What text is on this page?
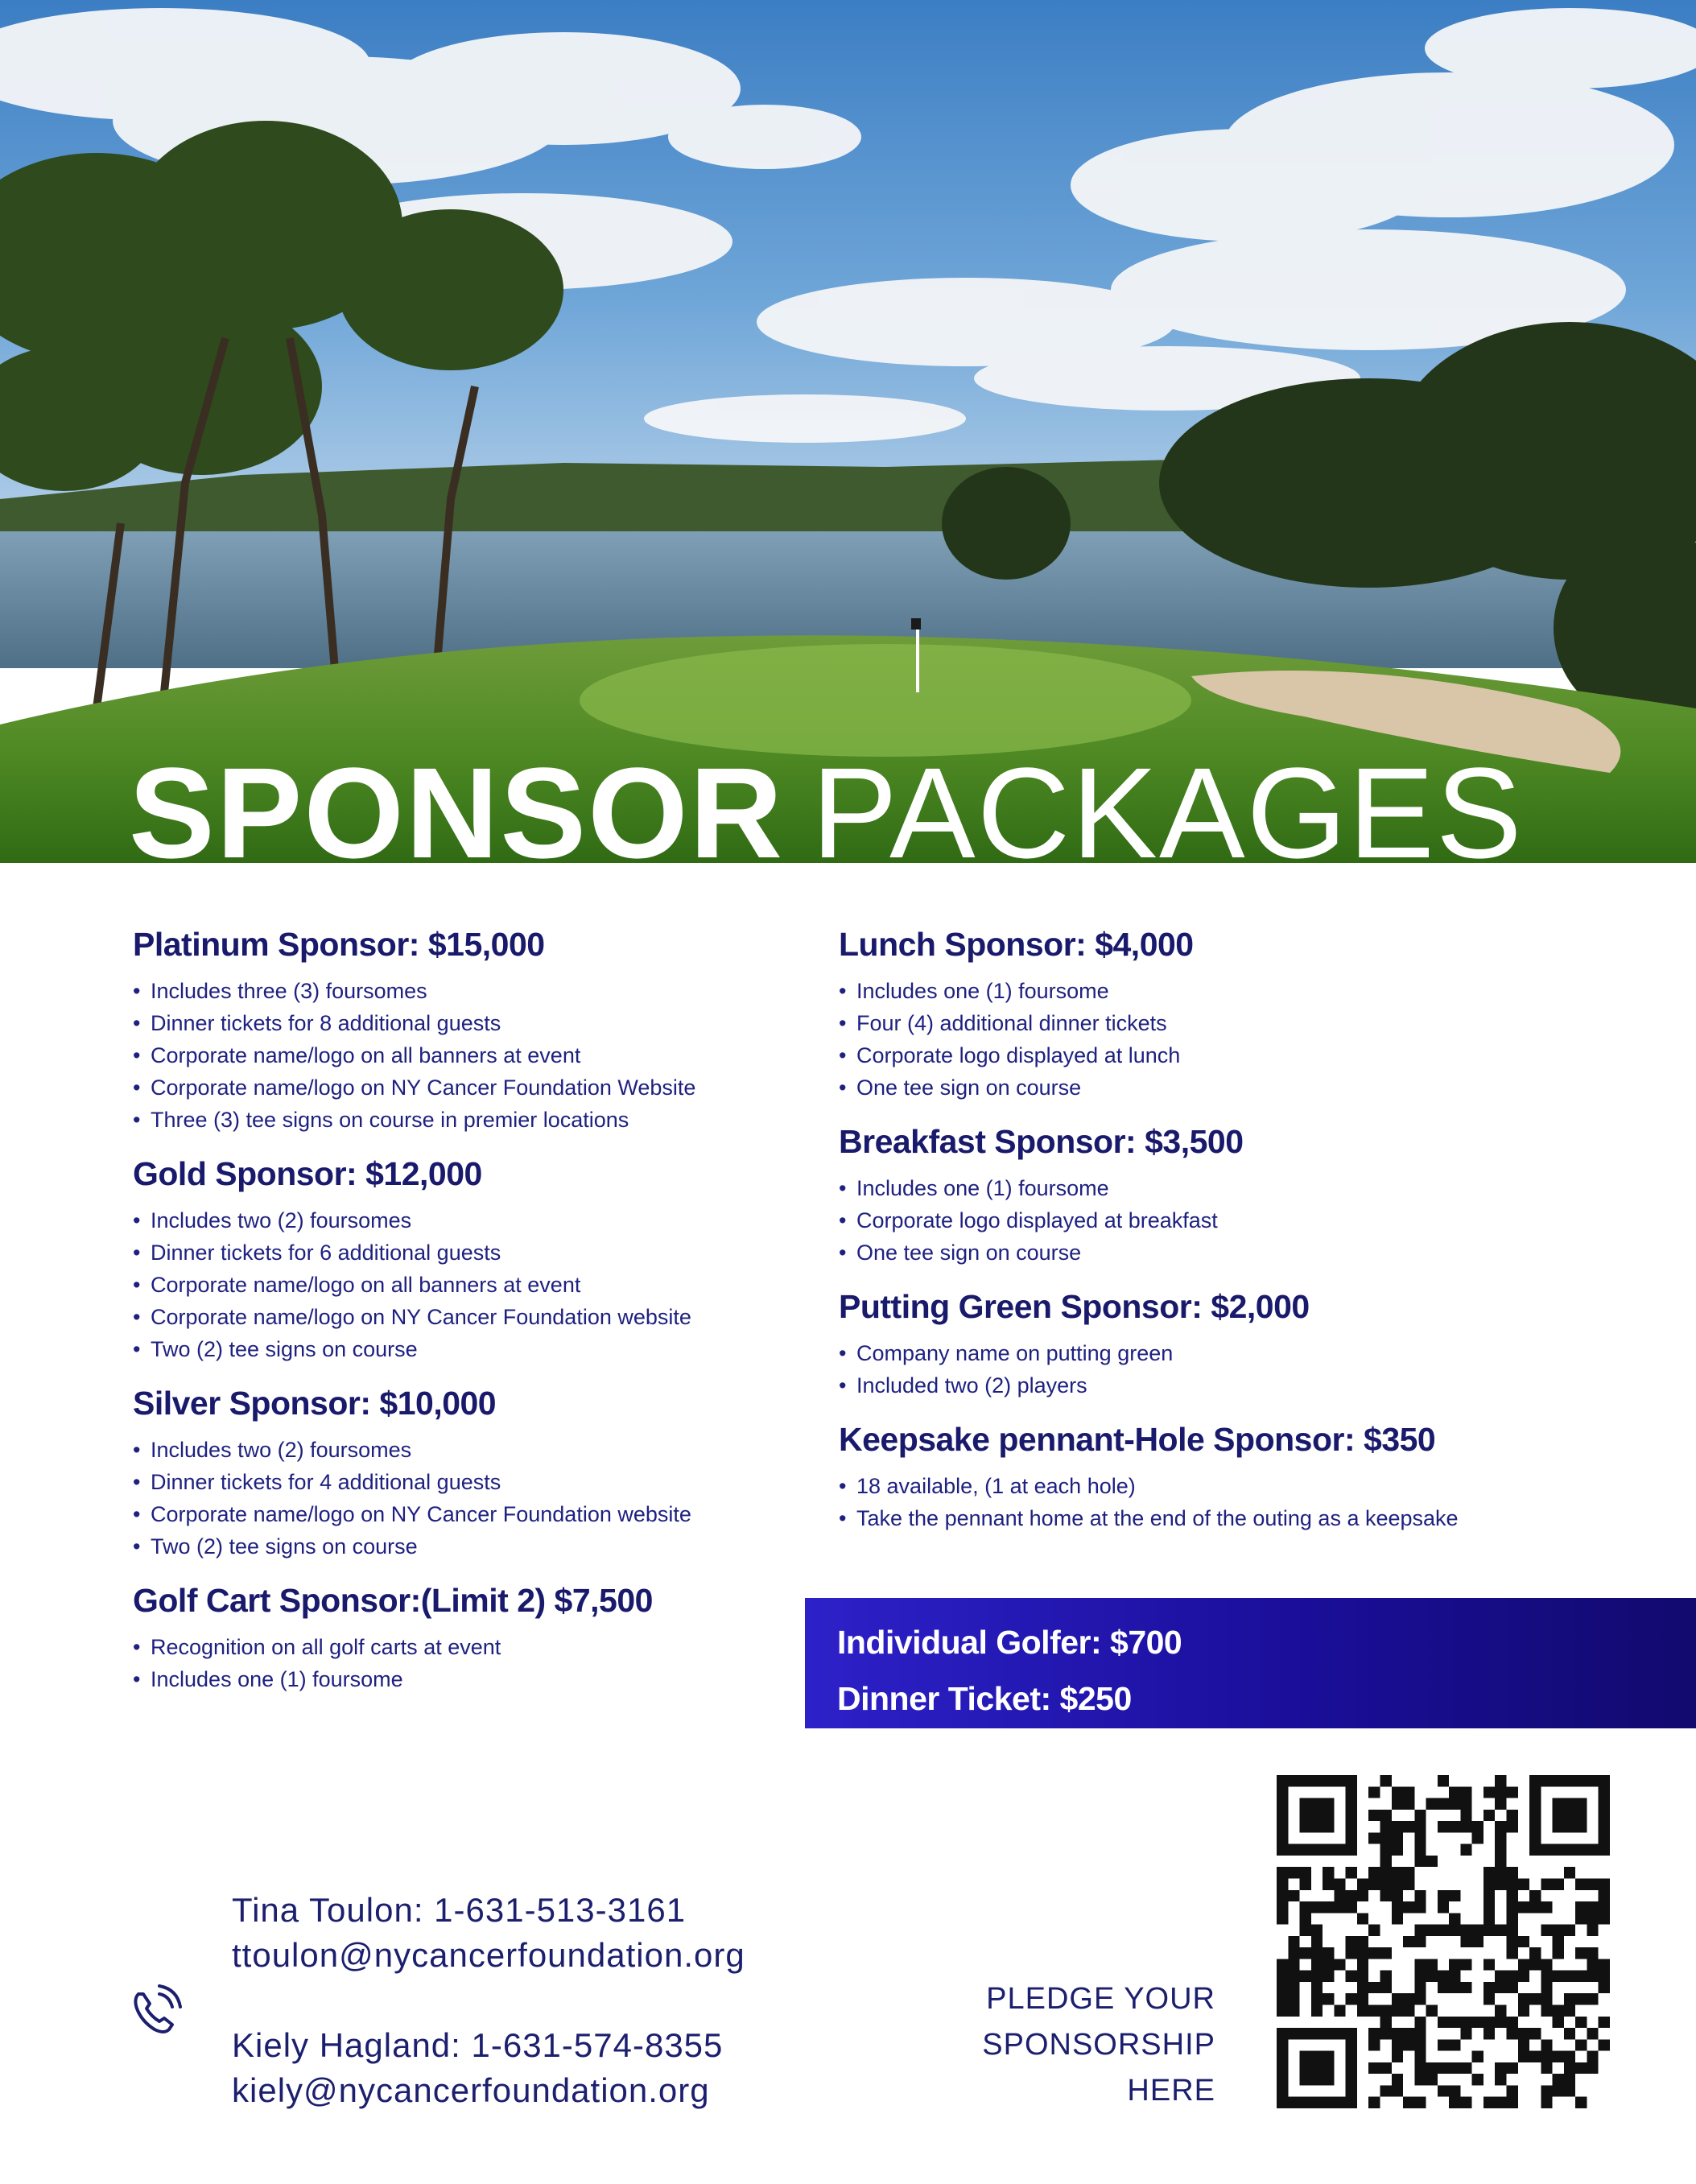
SPONSOR PACKAGES
Platinum Sponsor: $15,000
• Includes three (3) foursomes
• Dinner tickets for 8 additional guests
• Corporate name/logo on all banners at event
• Corporate name/logo on NY Cancer Foundation Website
• Three (3) tee signs on course in premier locations
Gold Sponsor: $12,000
• Includes two (2) foursomes
• Dinner tickets for 6 additional guests
• Corporate name/logo on all banners at event
• Corporate name/logo on NY Cancer Foundation website
• Two (2) tee signs on course
Silver Sponsor: $10,000
• Includes two (2) foursomes
• Dinner tickets for 4 additional guests
• Corporate name/logo on NY Cancer Foundation website
• Two (2) tee signs on course
Golf Cart Sponsor:(Limit 2) $7,500
• Recognition on all golf carts at event
• Includes one (1) foursome
Lunch Sponsor: $4,000
• Includes one (1) foursome
• Four (4) additional dinner tickets
• Corporate logo displayed at lunch
• One tee sign on course
Breakfast Sponsor: $3,500
• Includes one (1) foursome
• Corporate logo displayed at breakfast
• One tee sign on course
Putting Green Sponsor: $2,000
• Company name on putting green
• Included two (2) players
Keepsake pennant-Hole Sponsor: $350
• 18 available, (1 at each hole)
• Take the pennant home at the end of the outing as a keepsake
Individual Golfer: $700
Dinner Ticket: $250
Tina Toulon: 1-631-513-3161
ttoulon@nycancerfoundation.org
Kiely Hagland: 1-631-574-8355
kiely@nycancerfoundation.org
PLEDGE YOUR
SPONSORSHIP
HERE
